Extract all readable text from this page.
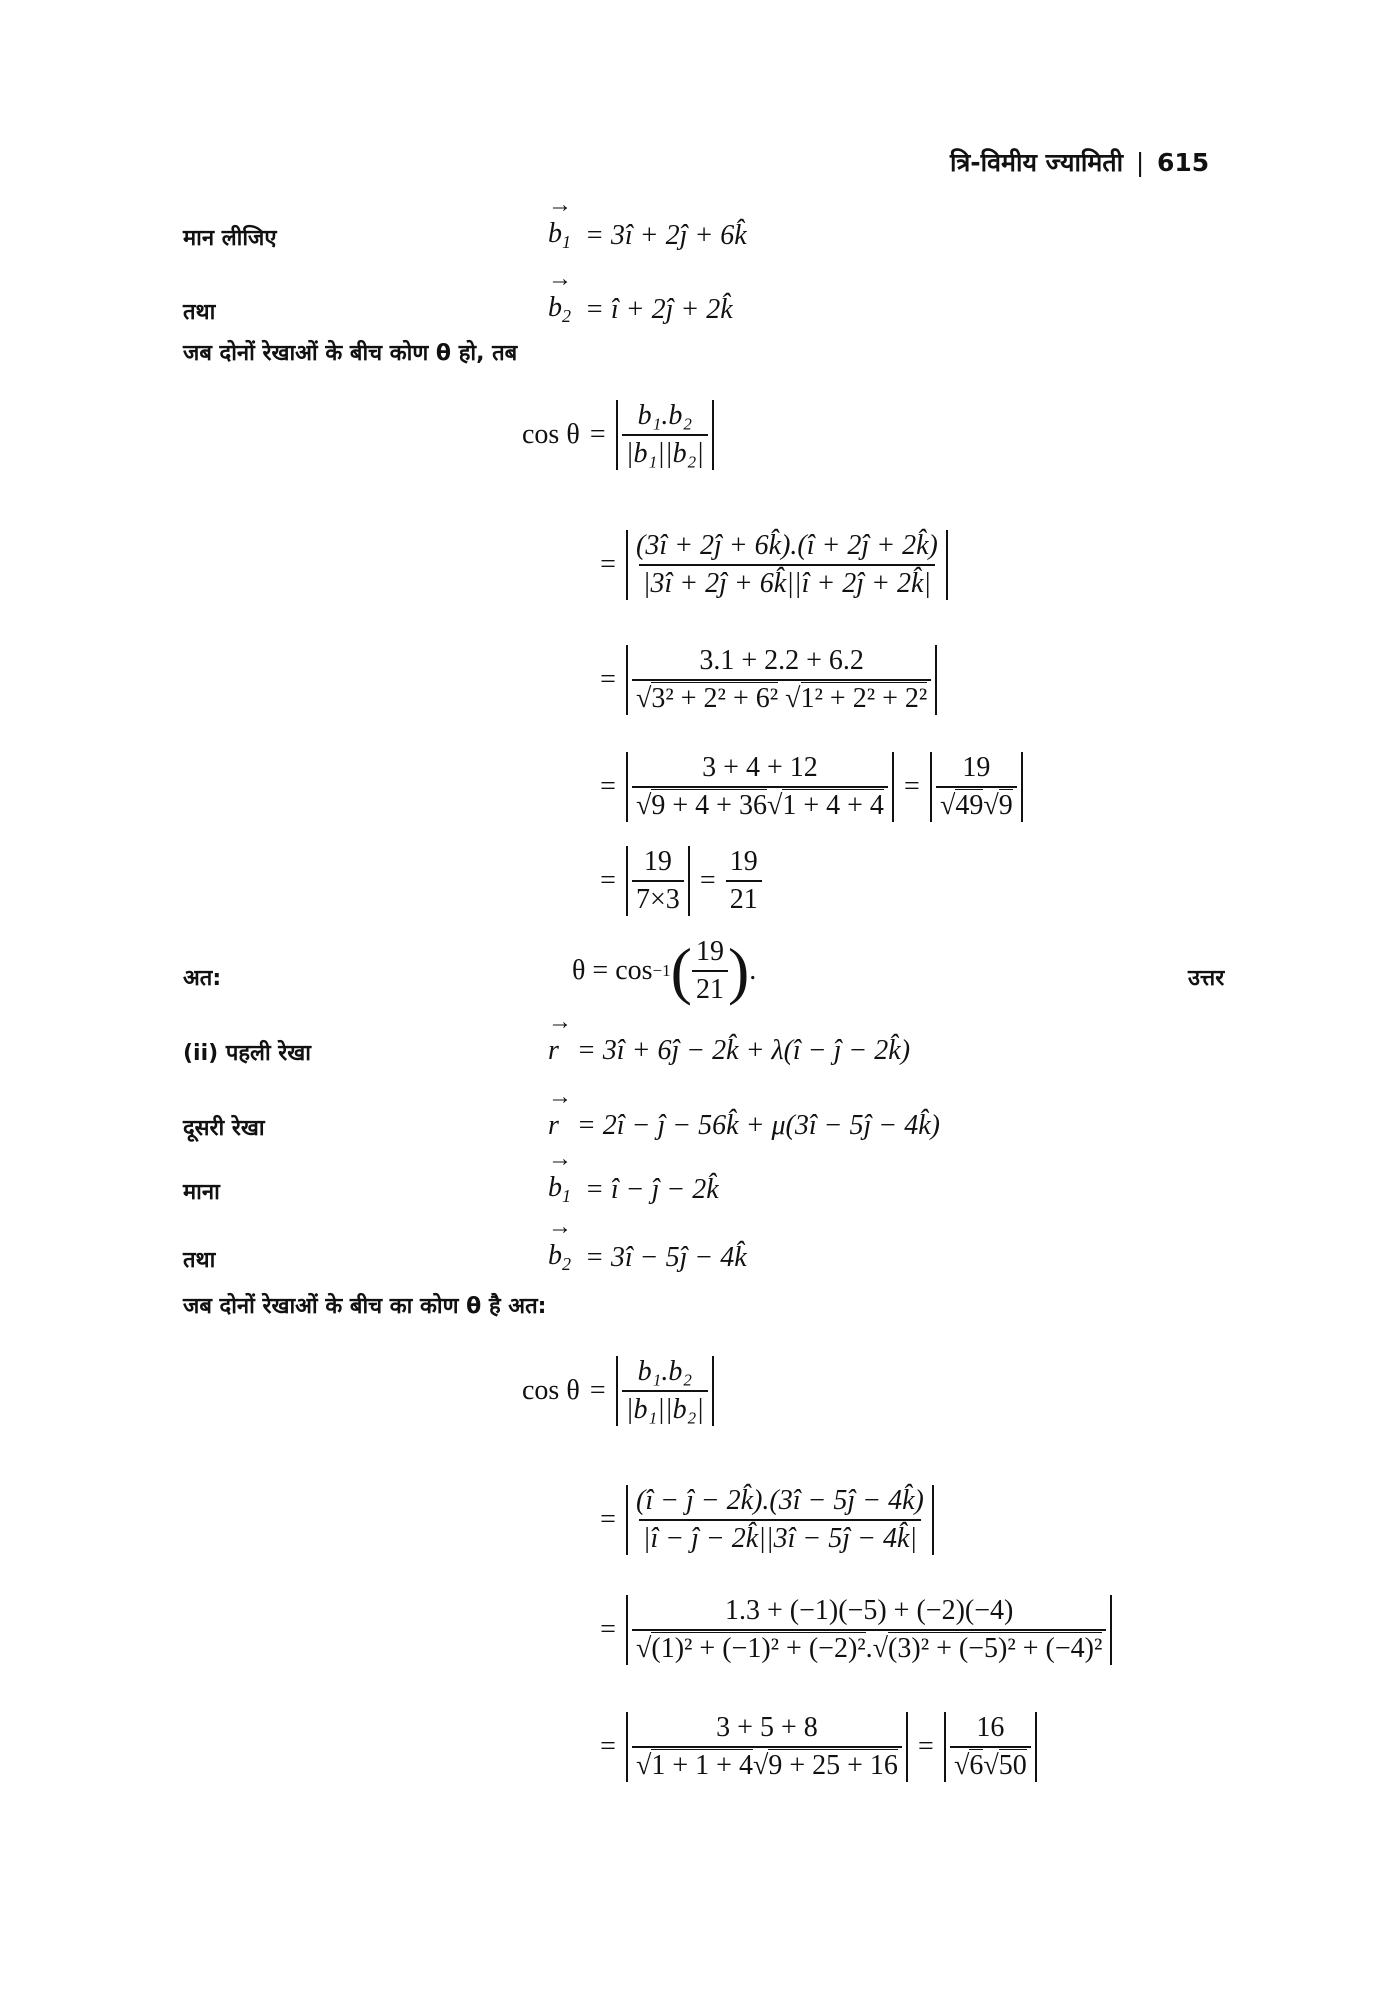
त्रि-विमीय ज्यामिती | 615
मान लीजिए	→ $b_1$ = 3î + 2ĵ + 6k̂
तथा	→ $b_2$ = î + 2ĵ + 2k̂
जब दोनों रेखाओं के बीच कोण θ हो, तब
$\cos \theta = \frac{\text{b₁.b₂}}{\text{|b₁||b₂|}}$
= $\frac{(3î + 2ĵ + 6k̂).(î + 2ĵ + 2k̂)}{|3î + 2ĵ + 6k̂||î + 2ĵ + 2k̂|}$
= $\frac{3.1 + 2.2 + 6.2}{\text{√3² + 2² + 6² √1² + 2² + 2²}}$
= $\frac{3 + 4 + 12}{√9 + 4 + 36√1 + 4 + 4} = \frac{19}{√49√9}$
= $\frac{19}{7\times 3} = \frac{19}{21}$
अत:	θ = cos −1 ( $\frac{19}{21}$ ) .	उत्तर
(ii) पहली रेखा	→ r = 3î + 6ĵ − 2k̂ + λ(î − ĵ − 2k̂)
दूसरी रेखा	→ r = 2î − ĵ − 56k̂ + μ(3î − 5ĵ − 4k̂)
माना	→ $b_1$ = î − ĵ − 2k̂
तथा	→ $b_2$ = 3î − 5ĵ − 4k̂
जब दोनों रेखाओं के बीच का कोण θ है अत:
$\cos \theta = \frac{\text{b₁.b₂}}{\text{|b₁||b₂|}}$
= $\frac{(î - ĵ - 2k̂).(3î - 5ĵ - 4k̂)}{|î - ĵ - 2k̂||3î - 5ĵ - 4k̂|}$
= $\frac{1.3 + (-1)(-5) + (-2)(-4)}{\text{√(1)² + (−1)² + (−2)².√(3)² + (−5)² + (−4)²}}$
= $\frac{3 + 5 + 8}{√1 + 1 + 4√9 + 25 + 16} = \frac{16}{√6√50}$
